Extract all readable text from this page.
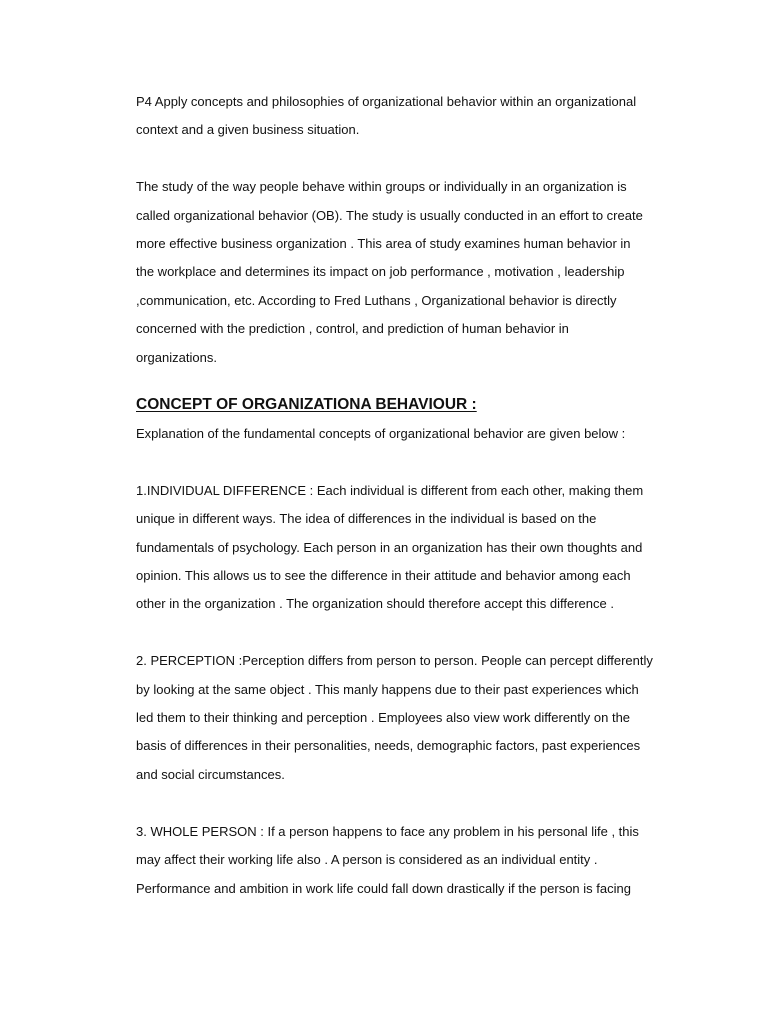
P4 Apply concepts and philosophies of organizational behavior within an organizational
context and a given business situation.

The study of the way people behave within groups or individually in an organization is
called organizational behavior (OB). The study is usually conducted in an effort to create
more effective business organization . This area of study examines human behavior in
the workplace and determines its impact on job performance , motivation , leadership
,communication, etc. According to Fred Luthans , Organizational behavior is directly
concerned with the prediction , control, and prediction of human behavior in
organizations.

CONCEPT OF ORGANIZATIONA BEHAVIOUR :

Explanation of the fundamental concepts of organizational behavior are given below :

1.INDIVIDUAL DIFFERENCE : Each individual is different from each other, making them
unique in different ways. The idea of differences in the individual is based on the
fundamentals of psychology. Each person in an organization has their own thoughts and
opinion. This allows us to see the difference in their attitude and behavior among each
other in the organization . The organization should therefore accept this difference .

2. PERCEPTION :Perception differs from person to person. People can percept differently
by looking at the same object . This manly happens due to their past experiences which
led them to their thinking and perception . Employees also view work differently on the
basis of differences in their personalities, needs, demographic factors, past experiences
and social circumstances.

3. WHOLE PERSON : If a person happens to face any problem in his personal life , this
may affect their working life also . A person is considered as an individual entity .
Performance and ambition in work life could fall down drastically if the person is facing
